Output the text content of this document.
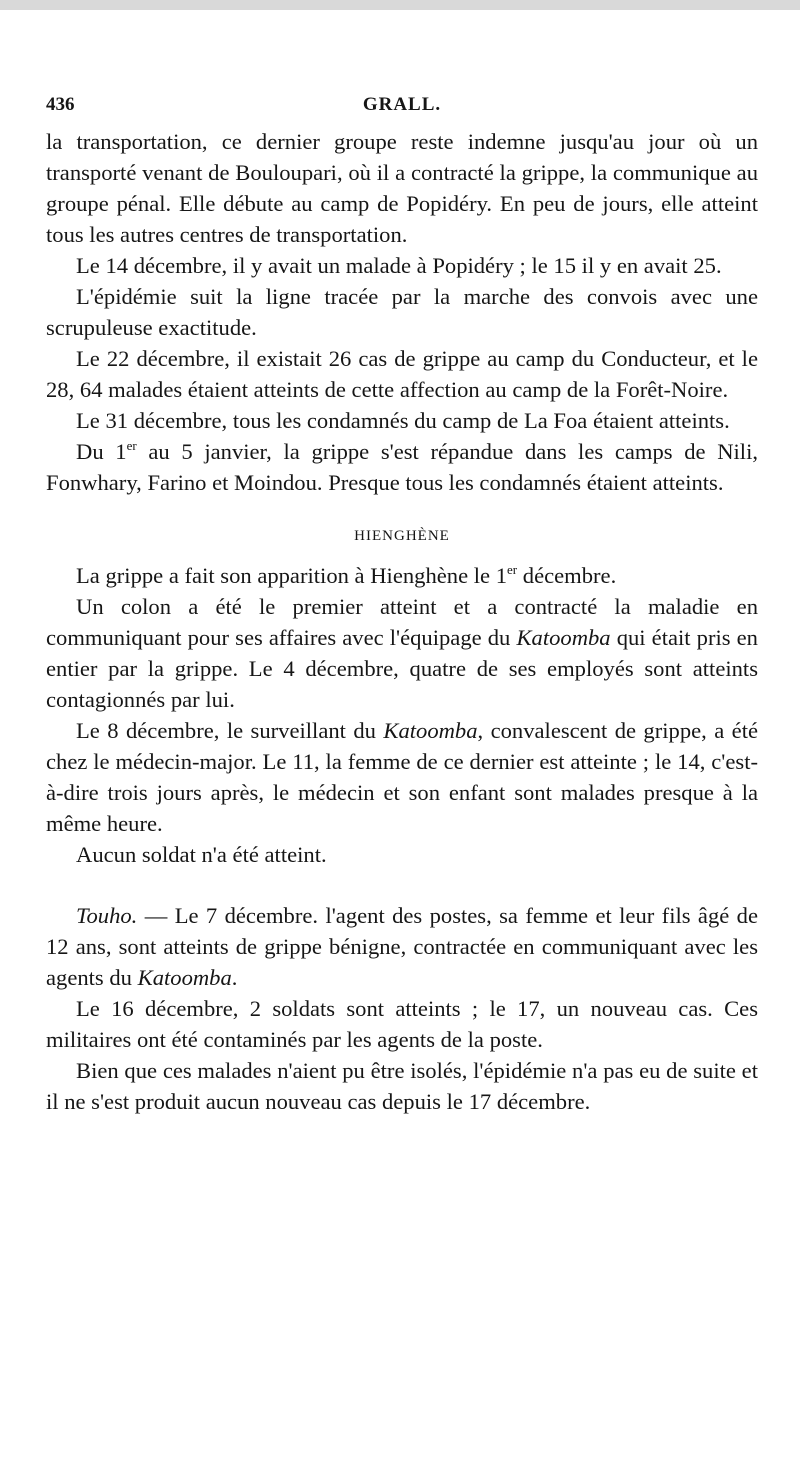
436	GRALL.

la transportation, ce dernier groupe reste indemne jusqu'au jour où un transporté venant de Bouloupari, où il a contracté la grippe, la communique au groupe pénal. Elle débute au camp de Popidéry. En peu de jours, elle atteint tous les autres centres de transportation.

Le 14 décembre, il y avait un malade à Popidéry ; le 15 il y en avait 25.

L'épidémie suit la ligne tracée par la marche des convois avec une scrupuleuse exactitude.

Le 22 décembre, il existait 26 cas de grippe au camp du Conducteur, et le 28, 64 malades étaient atteints de cette affection au camp de la Forêt-Noire.

Le 31 décembre, tous les condamnés du camp de La Foa étaient atteints.

Du 1er au 5 janvier, la grippe s'est répandue dans les camps de Nili, Fonwhary, Farino et Moindou. Presque tous les condamnés étaient atteints.

HIENGHÈNE

La grippe a fait son apparition à Hienghène le 1er décembre.

Un colon a été le premier atteint et a contracté la maladie en communiquant pour ses affaires avec l'équipage du Katoomba qui était pris en entier par la grippe. Le 4 décembre, quatre de ses employés sont atteints contagionnés par lui.

Le 8 décembre, le surveillant du Katoomba, convalescent de grippe, a été chez le médecin-major. Le 11, la femme de ce dernier est atteinte ; le 14, c'est-à-dire trois jours après, le médecin et son enfant sont malades presque à la même heure.

Aucun soldat n'a été atteint.

Touho. — Le 7 décembre. l'agent des postes, sa femme et leur fils âgé de 12 ans, sont atteints de grippe bénigne, contractée en communiquant avec les agents du Katoomba.

Le 16 décembre, 2 soldats sont atteints ; le 17, un nouveau cas. Ces militaires ont été contaminés par les agents de la poste.

Bien que ces malades n'aient pu être isolés, l'épidémie n'a pas eu de suite et il ne s'est produit aucun nouveau cas depuis le 17 décembre.
